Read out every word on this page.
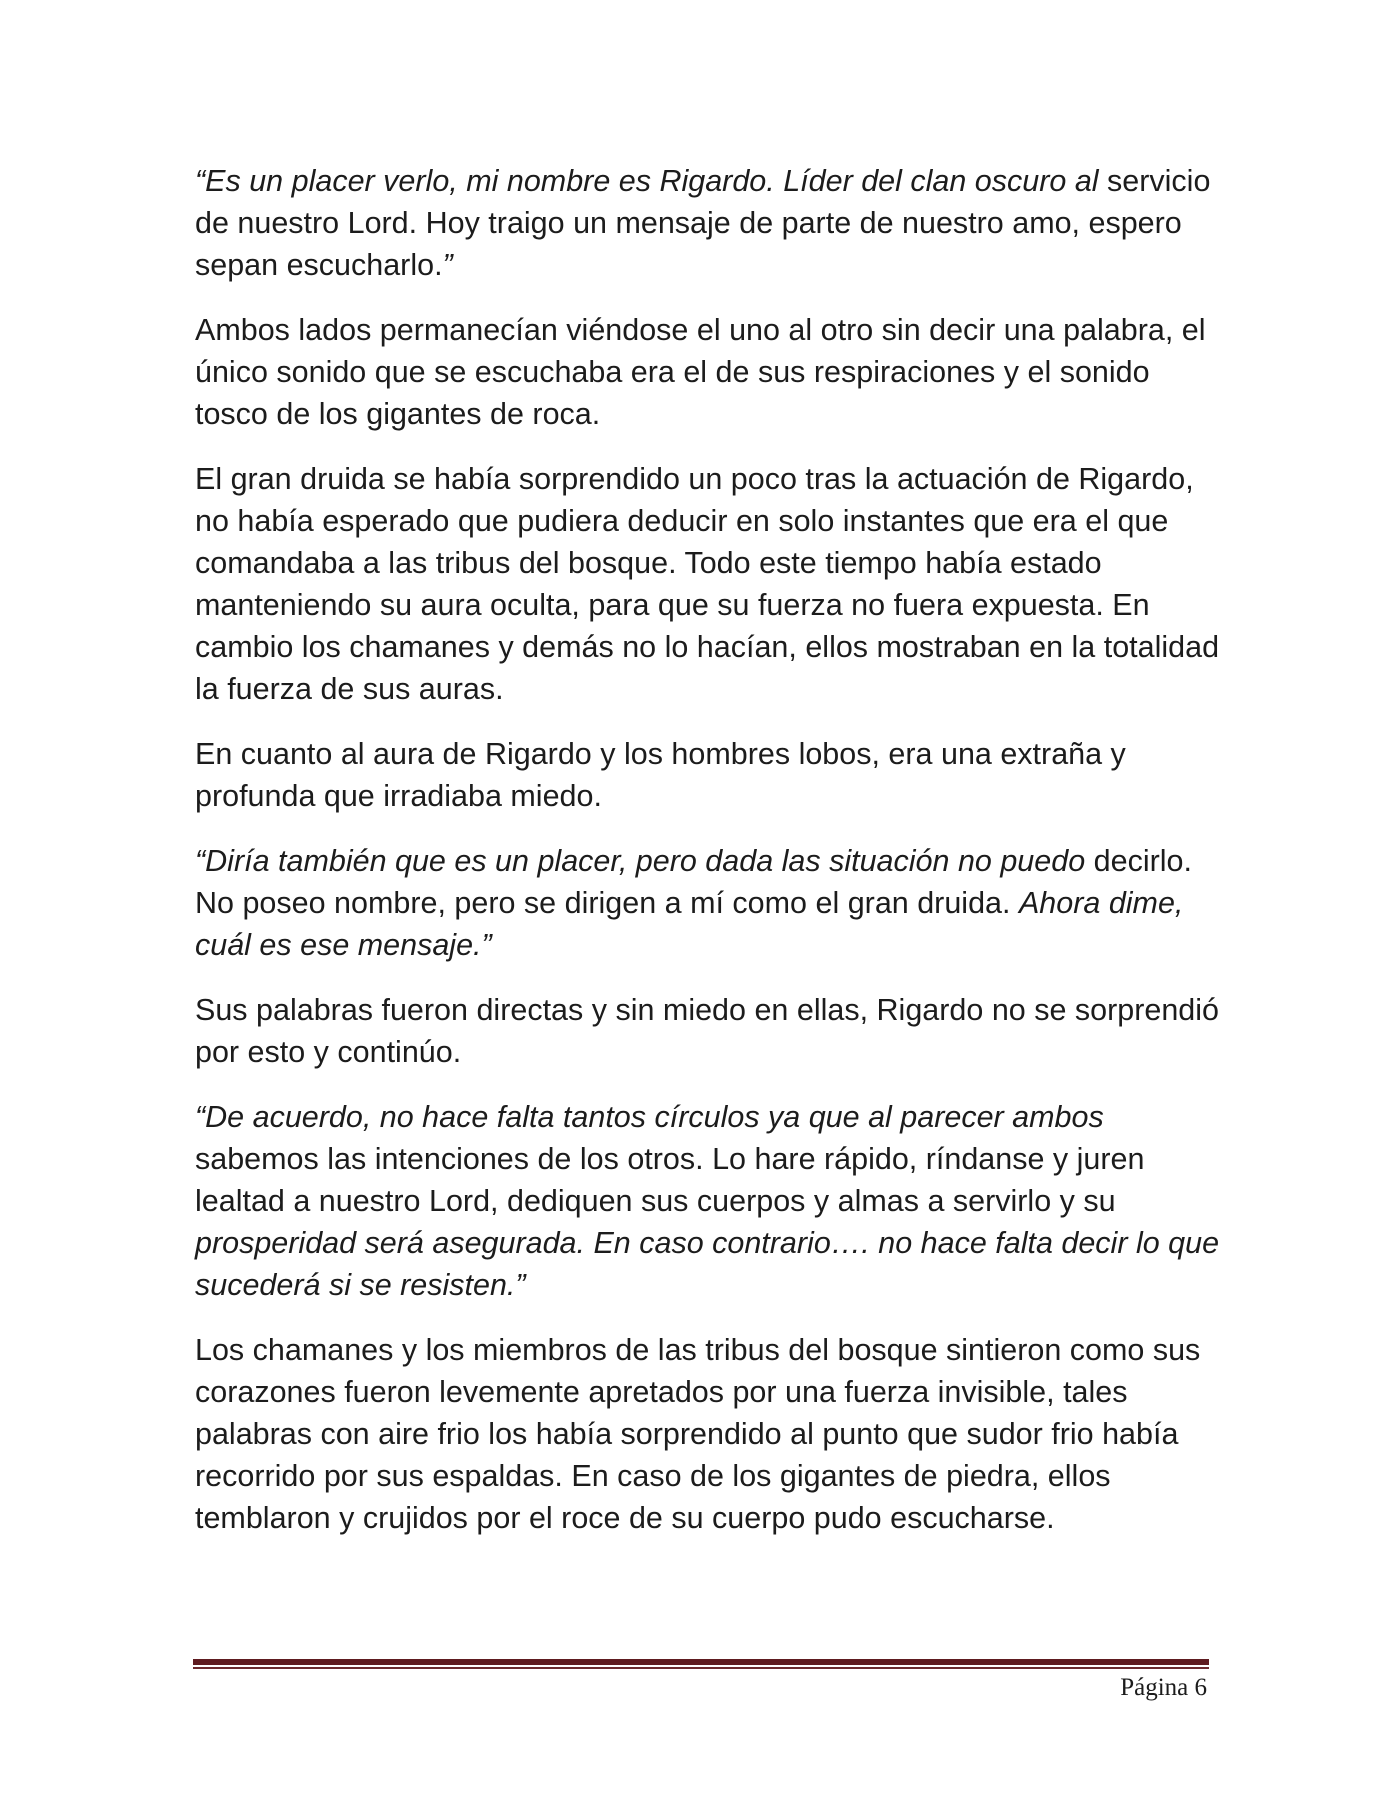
“Es un placer verlo, mi nombre es Rigardo. Líder del clan oscuro al servicio de nuestro Lord. Hoy traigo un mensaje de parte de nuestro amo, espero sepan escucharlo.”

Ambos lados permanecían viéndose el uno al otro sin decir una palabra, el único sonido que se escuchaba era el de sus respiraciones y el sonido tosco de los gigantes de roca.

El gran druida se había sorprendido un poco tras la actuación de Rigardo, no había esperado que pudiera deducir en solo instantes que era el que comandaba a las tribus del bosque. Todo este tiempo había estado manteniendo su aura oculta, para que su fuerza no fuera expuesta. En cambio los chamanes y demás no lo hacían, ellos mostraban en la totalidad la fuerza de sus auras.

En cuanto al aura de Rigardo y los hombres lobos, era una extraña y profunda que irradiaba miedo.

“Diría también que es un placer, pero dada las situación no puedo decirlo. No poseo nombre, pero se dirigen a mí como el gran druida. Ahora dime, cuál es ese mensaje.”

Sus palabras fueron directas y sin miedo en ellas, Rigardo no se sorprendió por esto y continúo.

“De acuerdo, no hace falta tantos círculos ya que al parecer ambos sabemos las intenciones de los otros. Lo hare rápido, ríndanse y juren lealtad a nuestro Lord, dediquen sus cuerpos y almas a servirlo y su prosperidad será asegurada. En caso contrario…. no hace falta decir lo que sucederá si se resisten.”

Los chamanes y los miembros de las tribus del bosque sintieron como sus corazones fueron levemente apretados por una fuerza invisible, tales palabras con aire frio los había sorprendido al punto que sudor frio había recorrido por sus espaldas. En caso de los gigantes de piedra, ellos temblaron y crujidos por el roce de su cuerpo pudo escucharse.

Página 6
